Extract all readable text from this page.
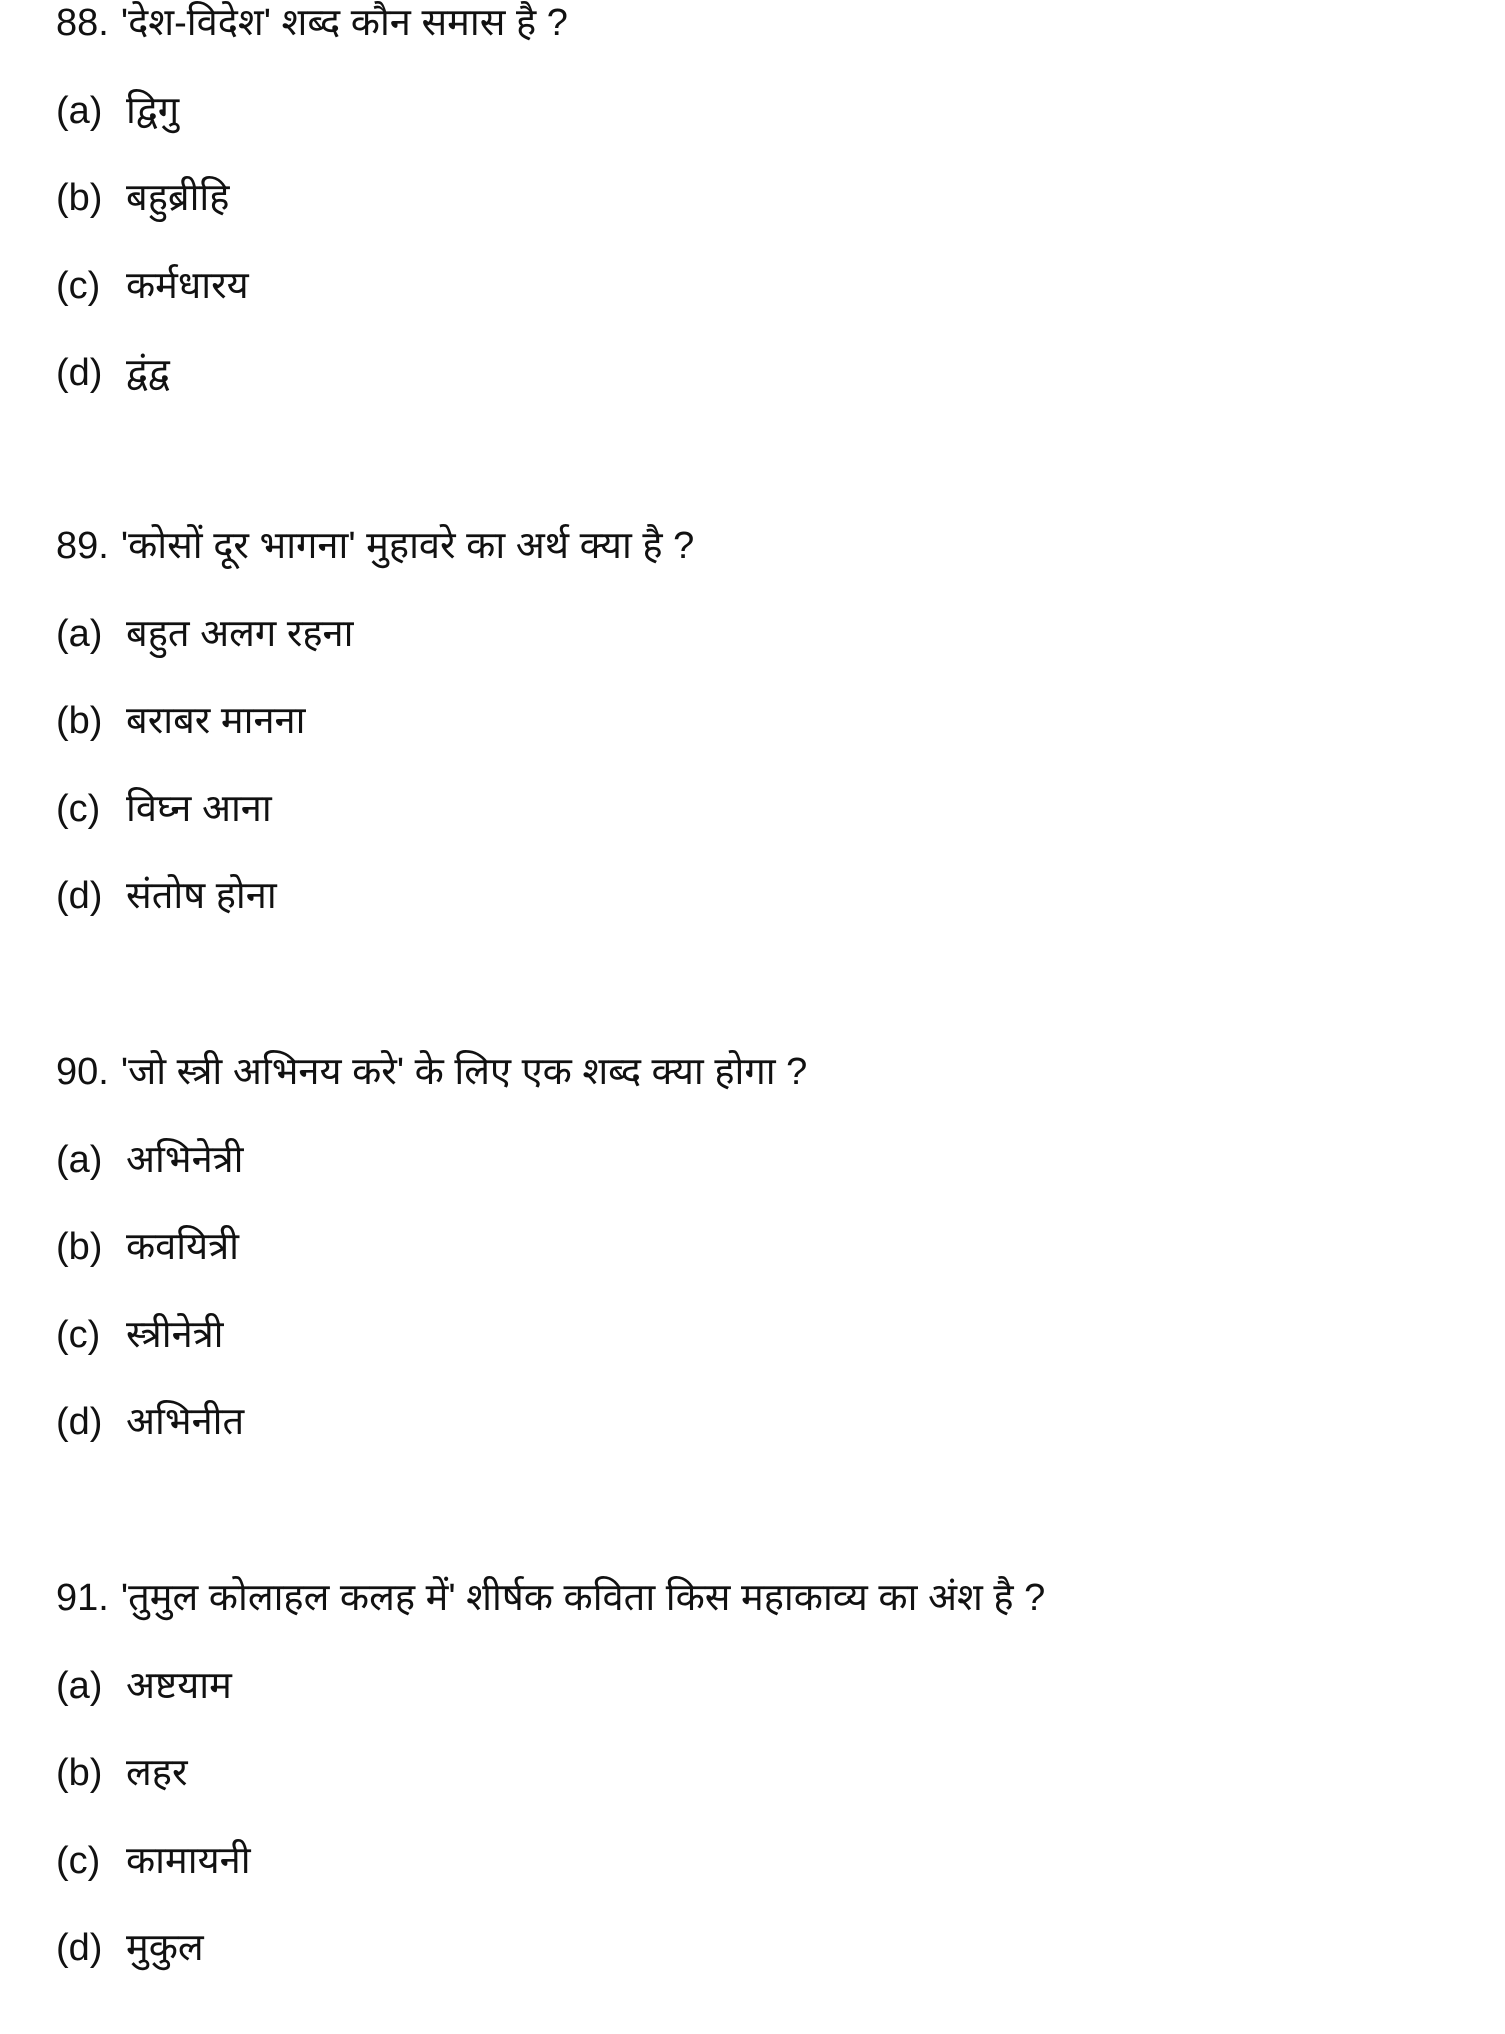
88. 'देश-विदेश' शब्द कौन समास है ?
(a) द्विगु
(b) बहुब्रीहि
(c) कर्मधारय
(d) द्वंद्व
89. 'कोसों दूर भागना' मुहावरे का अर्थ क्या है ?
(a) बहुत अलग रहना
(b) बराबर मानना
(c) विघ्न आना
(d) संतोष होना
90. 'जो स्त्री अभिनय करे' के लिए एक शब्द क्या होगा ?
(a) अभिनेत्री
(b) कवयित्री
(c) स्त्रीनेत्री
(d) अभिनीत
91. 'तुमुल कोलाहल कलह में' शीर्षक कविता किस महाकाव्य का अंश है ?
(a) अष्टयाम
(b) लहर
(c) कामायनी
(d) मुकुल
